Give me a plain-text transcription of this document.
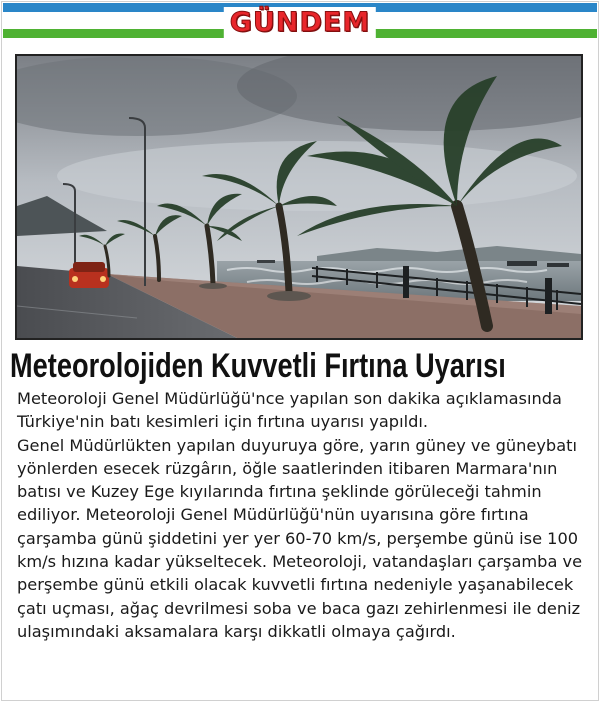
GÜNDEM
Meteorolojiden Kuvvetli Fırtına Uyarısı

Meteoroloji Genel Müdürlüğü'nce yapılan son dakika açıklamasında Türkiye'nin batı kesimleri için fırtına uyarısı yapıldı.

Genel Müdürlükten yapılan duyuruya göre, yarın güney ve güneybatı yönlerden esecek rüzgârın, öğle saatlerinden itibaren Marmara'nın batısı ve Kuzey Ege kıyılarında fırtına şeklinde görüleceği tahmin ediliyor. Meteoroloji Genel Müdürlüğü'nün uyarısına göre fırtına çarşamba günü şiddetini yer yer 60-70 km/s, perşembe günü ise 100 km/s hızına kadar yükseltecek. Meteoroloji, vatandaşları çarşamba ve perşembe günü etkili olacak kuvvetli fırtına nedeniyle yaşanabilecek çatı uçması, ağaç devrilmesi soba ve baca gazı zehirlenmesi ile deniz ulaşımındaki aksamalara karşı dikkatli olmaya çağırdı.
